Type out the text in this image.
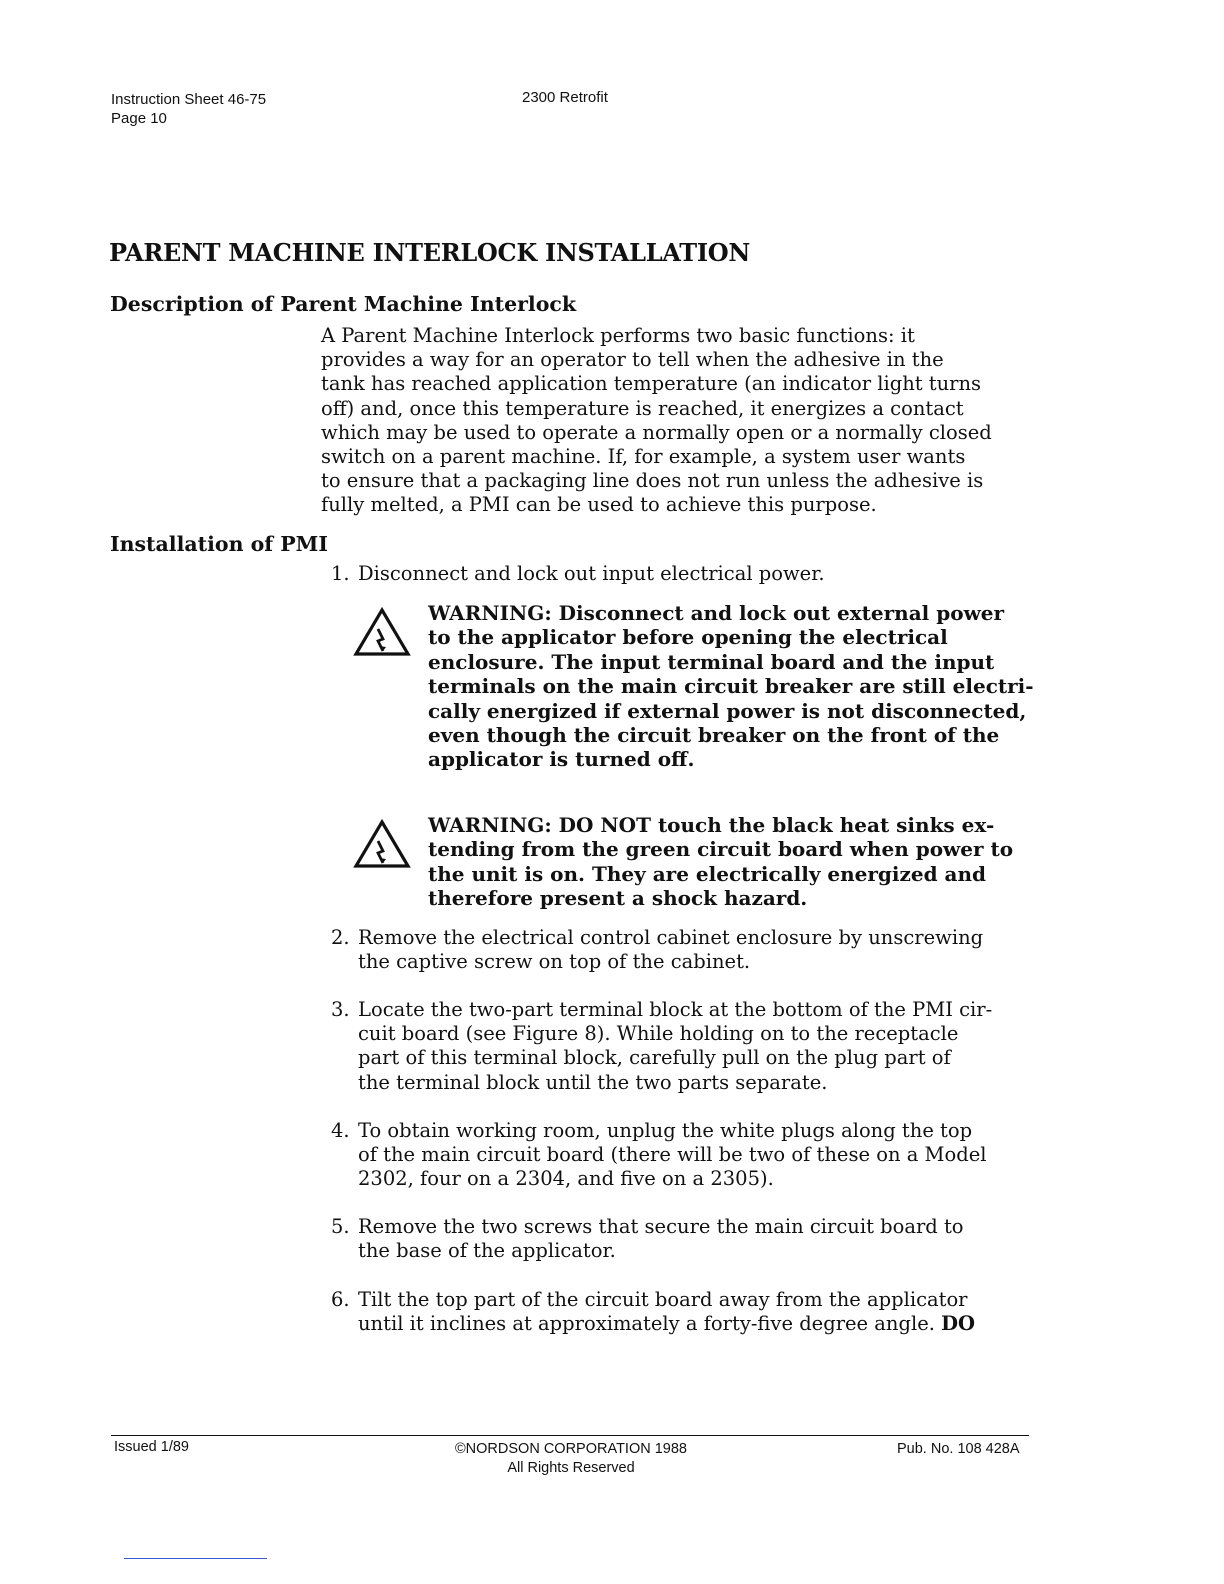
Instruction Sheet 46-75
Page 10
2300 Retrofit
PARENT MACHINE INTERLOCK INSTALLATION
Description of Parent Machine Interlock
A Parent Machine Interlock performs two basic functions: it
provides a way for an operator to tell when the adhesive in the
tank has reached application temperature (an indicator light turns
off) and, once this temperature is reached, it energizes a contact
which may be used to operate a normally open or a normally closed
switch on a parent machine. If, for example, a system user wants
to ensure that a packaging line does not run unless the adhesive is
fully melted, a PMI can be used to achieve this purpose.
Installation of PMI
1. Disconnect and lock out input electrical power.
WARNING: Disconnect and lock out external power
to the applicator before opening the electrical
enclosure. The input terminal board and the input
terminals on the main circuit breaker are still electri-
cally energized if external power is not disconnected,
even though the circuit breaker on the front of the
applicator is turned off.
WARNING: DO NOT touch the black heat sinks ex-
tending from the green circuit board when power to
the unit is on. They are electrically energized and
therefore present a shock hazard.
2. Remove the electrical control cabinet enclosure by unscrewing
the captive screw on top of the cabinet.
3. Locate the two-part terminal block at the bottom of the PMI cir-
cuit board (see Figure 8). While holding on to the receptacle
part of this terminal block, carefully pull on the plug part of
the terminal block until the two parts separate.
4. To obtain working room, unplug the white plugs along the top
of the main circuit board (there will be two of these on a Model
2302, four on a 2304, and five on a 2305).
5. Remove the two screws that secure the main circuit board to
the base of the applicator.
6. Tilt the top part of the circuit board away from the applicator
until it inclines at approximately a forty-five degree angle. DO
Issued 1/89	©NORDSON CORPORATION 1988
All Rights Reserved
Pub. No. 108 428A
